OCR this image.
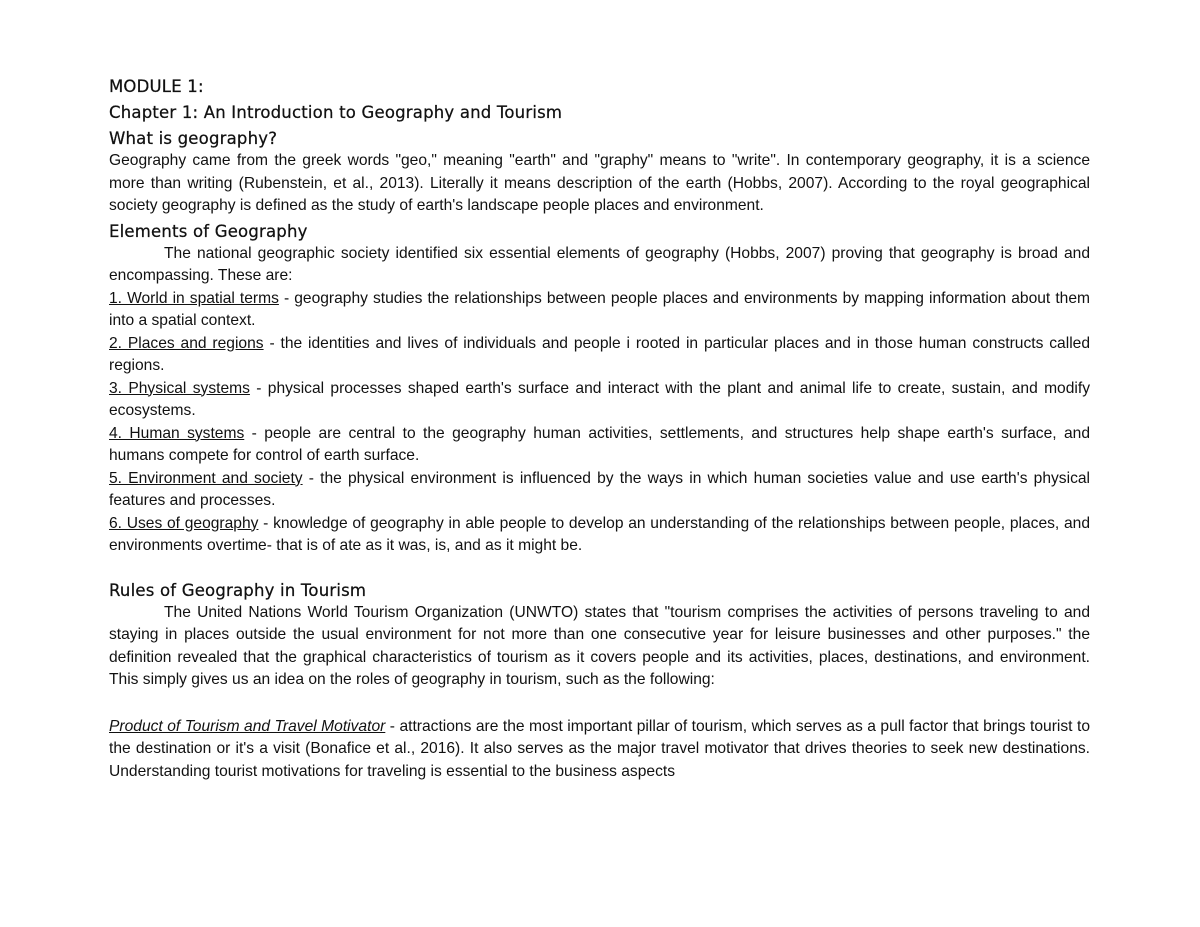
MODULE 1:
Chapter 1: An Introduction to Geography and Tourism
What is geography?

Geography came from the greek words "geo," meaning "earth" and "graphy" means to "write". In contemporary geography, it is a science more than writing (Rubenstein, et al., 2013). Literally it means description of the earth (Hobbs, 2007). According to the royal geographical society geography is defined as the study of earth's landscape people places and environment.

Elements of Geography

The national geographic society identified six essential elements of geography (Hobbs, 2007) proving that geography is broad and encompassing. These are:

1. World in spatial terms - geography studies the relationships between people places and environments by mapping information about them into a spatial context.

2. Places and regions - the identities and lives of individuals and people i rooted in particular places and in those human constructs called regions.

3. Physical systems - physical processes shaped earth's surface and interact with the plant and animal life to create, sustain, and modify ecosystems.

4. Human systems - people are central to the geography human activities, settlements, and structures help shape earth's surface, and humans compete for control of earth surface.

5. Environment and society - the physical environment is influenced by the ways in which human societies value and use earth's physical features and processes.

6. Uses of geography - knowledge of geography in able people to develop an understanding of the relationships between people, places, and environments overtime- that is of ate as it was, is, and as it might be.

Rules of Geography in Tourism

The United Nations World Tourism Organization (UNWTO) states that "tourism comprises the activities of persons traveling to and staying in places outside the usual environment for not more than one consecutive year for leisure businesses and other purposes." the definition revealed that the graphical characteristics of tourism as it covers people and its activities, places, destinations, and environment. This simply gives us an idea on the roles of geography in tourism, such as the following:

Product of Tourism and Travel Motivator - attractions are the most important pillar of tourism, which serves as a pull factor that brings tourist to the destination or it's a visit (Bonafice et al., 2016). It also serves as the major travel motivator that drives theories to seek new destinations. Understanding tourist motivations for traveling is essential to the business aspects
